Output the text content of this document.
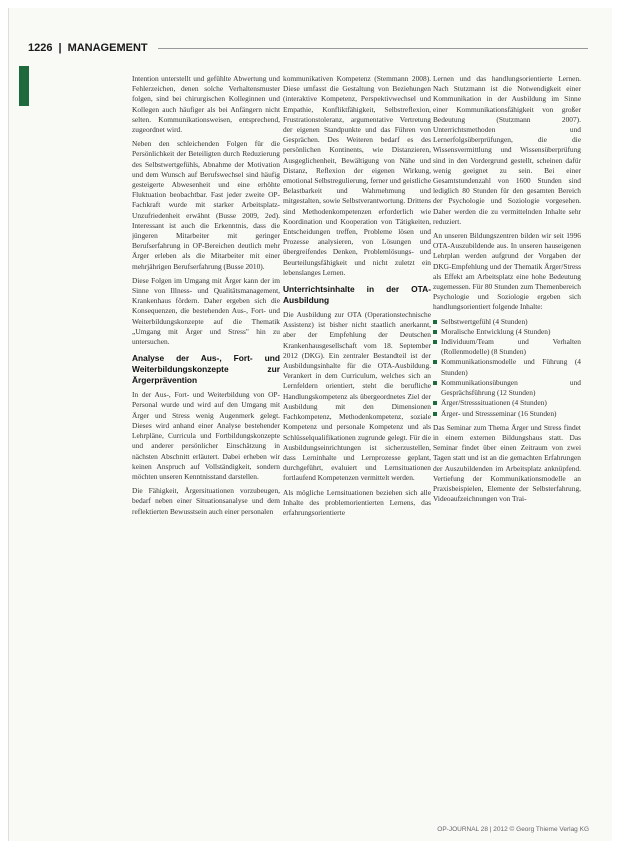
1226 | MANAGEMENT

Intention unterstellt und gefühlte Abwertung und Fehlerzeichen, denen solche Verhaltensmuster folgen, sind bei chirurgischen Kolleginnen und Kollegen auch häufiger als bei Anfängern nicht selten. Kommunikationsweisen, entsprechend, zugeordnet wird.

Neben den schleichenden Folgen für die Persönlichkeit der Beteiligten durch Reduzierung des Selbstwertgefühls, Abnahme der Motivation und dem Wunsch auf Berufswechsel sind häufig gesteigerte Abwesenheit und eine erhöhte Fluktuation beobachtbar. Fast jeder zweite OP-Fachkraft wurde mit starker Arbeitsplatz-Unzufriedenheit erwähnt (Busse 2009, 2ed). Interessant ist auch die Erkenntnis, dass die jüngeren Mitarbeiter mit geringer Berufserfahrung in OP-Bereichen deutlich mehr Ärger erleben als die Mitarbeiter mit einer mehrjährigen Berufserfahrung (Busse 2010).

Diese Folgen im Umgang mit Ärger kann der im Sinne von Illness- und Qualitätsmanagement, Krankenhaus fördern. Daher ergeben sich die Konsequenzen, die bestehenden Aus-, Fort- und Weiterbildungskonzepte auf die Thematik „Umgang mit Ärger und Stress" hin zu untersuchen.

Analyse der Aus-, Fort- und Weiterbildungskonzepte zur Ärgerprävention

In der Aus-, Fort- und Weiterbildung von OP-Personal wurde und wird auf den Umgang mit Ärger und Stress wenig Augenmerk gelegt. Dieses wird anhand einer Analyse bestehender Lehrpläne, Curricula und Fortbildungskonzepte und anderer persönlicher Einschätzung in nächsten Abschnitt erläutert. Dabei erheben wir keinen Anspruch auf Vollständigkeit, sondern möchten unseren Kenntnisstand darstellen.

Die Fähigkeit, Ärgersituationen vorzubeugen, bedarf neben einer Situationsanalyse und dem reflektierten Bewusstsein auch einer personalen

kommunikativen Kompetenz (Stemmann 2008). Diese umfasst die Gestaltung von Beziehungen (interaktive Kompetenz, Perspektivwechsel und Empathie, Konfliktfähigkeit, Selbstreflexion, Frustrationstoleranz, argumentative Vertretung der eigenen Standpunkte und das Führen von Gesprächen. Des Weiteren bedarf es des persönlichen Kontinents, wie Distanzieren, Ausgeglichenheit, Bewältigung von Nähe und Distanz, Reflexion der eigenen Wirkung, emotional Selbstregulierung, ferner und geistliche Belastbarkeit und Wahrnehmung und mitgestalten, sowie Selbstverantwortung. Drittens sind Methodenkompetenzen erforderlich wie Koordination und Kooperation von Tätigkeiten, Entscheidungen treffen, Probleme lösen und Prozesse analysieren, von Lösungen und übergreifendes Denken, Problemlösungs- und Beurteilungsfähigkeit und nicht zuletzt ein lebenslanges Lernen.

Unterrichtsinhalte in der OTA-Ausbildung

Die Ausbildung zur OTA (Operationstechnische Assistenz) ist bisher nicht staatlich anerkannt, aber der Empfehlung der Deutschen Krankenhausgesellschaft vom 18. September 2012 (DKG). Ein zentraler Bestandteil ist der Ausbildungsinhalte für die OTA-Ausbildung. Verankert in dem Curriculum, welches sich an Lernfeldern orientiert, steht die berufliche Handlungskompetenz als übergeordnetes Ziel der Ausbildung mit den Dimensionen Fachkompetenz, Methodenkompetenz, soziale Kompetenz und personale Kompetenz und als Schlüsselqualifikationen zugrunde gelegt. Für die Ausbildungseinrichtungen ist sicherzustellen, dass Lerninhalte und Lernprozesse geplant, durchgeführt, evaluiert und Lernsituationen fortlaufend Kompetenzen vermittelt werden.

Als mögliche Lernsituationen beziehen sich alle Inhalte des problemorientierten Lernens, das erfahrungsorientierte

Lernen und das handlungsorientierte Lernen. Nach Stutzmann ist die Notwendigkeit einer Kommunikation in der Ausbildung im Sinne einer Kommunikationsfähigkeit von großer Bedeutung (Stutzmann 2007). Unterrichtsmethoden und Lernerfolgsüberprüfungen, die die Wissensvermittlung und Wissensüberprüfung sind in den Vordergrund gestellt, scheinen dafür wenig geeignet zu sein. Bei einer Gesamtstundenzahl von 1600 Stunden sind lediglich 80 Stunden für den gesamten Bereich der Psychologie und Soziologie vorgesehen. Daher werden die zu vermittelnden Inhalte sehr reduziert.

An unseren Bildungszentren bilden wir seit 1996 OTA-Auszubildende aus. In unseren hauseigenen Lehrplan werden aufgrund der Vorgaben der DKG-Empfehlung und der Thematik Ärger/Stress als Effekt am Arbeitsplatz eine hohe Bedeutung zugemessen. Für 80 Stunden zum Themenbereich Psychologie und Soziologie ergeben sich handlungsorientiert folgende Inhalte:

Selbstwertgefühl (4 Stunden)
Moralische Entwicklung (4 Stunden)
Individuum/Team und Verhalten (Rollenmodelle) (8 Stunden)
Kommunikationsmodelle und Führung (4 Stunden)
Kommunikationsübungen und Gesprächsführung (12 Stunden)
Ärger/Stresssituationen (4 Stunden)
Ärger- und Stressseminar (16 Stunden)

Das Seminar zum Thema Ärger und Stress findet in einem externen Bildungshaus statt. Das Seminar findet über einen Zeitraum von zwei Tagen statt und ist an die gemachten Erfahrungen der Auszubildenden im Arbeitsplatz anknüpfend. Vertiefung der Kommunikationsmodelle an Praxisbeispielen, Elemente der Selbsterfahrung, Videoaufzeichnungen von Trai-

OP-JOURNAL 28 | 2012 © Georg Thieme Verlag KG
